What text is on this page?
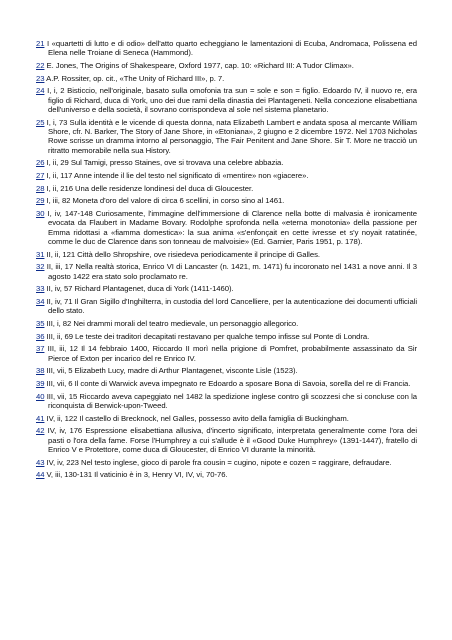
21 I «quartetti di lutto e di odio» dell'atto quarto echeggiano le lamentazioni di Ecuba, Andromaca, Polissena ed Elena nelle Troiane di Seneca (Hammond).
22 E. Jones, The Origins of Shakespeare, Oxford 1977, cap. 10: «Richard III: A Tudor Climax».
23 A.P. Rossiter, op. cit., «The Unity of Richard III», p. 7.
24 I, i, 2 Bisticcio, nell'originale, basato sulla omofonia tra sun = sole e son = figlio. Edoardo IV, il nuovo re, era figlio di Richard, duca di York, uno dei due rami della dinastia dei Plantageneti. Nella concezione elisabettiana dell'universo e della società, il sovrano corrispondeva al sole nel sistema planetario.
25 I, i, 73 Sulla identità e le vicende di questa donna, nata Elizabeth Lambert e andata sposa al mercante William Shore, cfr. N. Barker, The Story of Jane Shore, in «Etoniana», 2 giugno e 2 dicembre 1972. Nel 1703 Nicholas Rowe scrisse un dramma intorno al personaggio, The Fair Penitent and Jane Shore. Sir T. More ne tracciò un ritratto memorabile nella sua History.
26 I, ii, 29 Sul Tamigi, presso Staines, ove si trovava una celebre abbazia.
27 I, ii, 117 Anne intende il lie del testo nel significato di «mentire» non «giacere».
28 I, ii, 216 Una delle residenze londinesi del duca di Gloucester.
29 I, iii, 82 Moneta d'oro del valore di circa 6 scellini, in corso sino al 1461.
30 I, iv, 147-148 Curiosamente, l'immagine dell'immersione di Clarence nella botte di malvasia è ironicamente evocata da Flaubert in Madame Bovary. Rodolphe sprofonda nella «eterna monotonia» della passione per Emma ridottasi a «fiamma domestica»: la sua anima «s'enfonçait en cette ivresse et s'y noyait ratatinée, comme le duc de Clarence dans son tonneau de malvoisie» (Ed. Garnier, Paris 1951, p. 178).
31 II, ii, 121 Città dello Shropshire, ove risiedeva periodicamente il principe di Galles.
32 II, iii, 17 Nella realtà storica, Enrico VI di Lancaster (n. 1421, m. 1471) fu incoronato nel 1431 a nove anni. Il 3 agosto 1422 era stato solo proclamato re.
33 II, iv, 57 Richard Plantagenet, duca di York (1411-1460).
34 II, iv, 71 Il Gran Sigillo d'Inghilterra, in custodia del lord Cancelliere, per la autenticazione dei documenti ufficiali dello stato.
35 III, i, 82 Nei drammi morali del teatro medievale, un personaggio allegorico.
36 III, ii, 69 Le teste dei traditori decapitati restavano per qualche tempo infisse sul Ponte di Londra.
37 III, iii, 12 Il 14 febbraio 1400, Riccardo II morì nella prigione di Pomfret, probabilmente assassinato da Sir Pierce of Exton per incarico del re Enrico IV.
38 III, vii, 5 Elizabeth Lucy, madre di Arthur Plantagenet, visconte Lisle (1523).
39 III, vii, 6 Il conte di Warwick aveva impegnato re Edoardo a sposare Bona di Savoia, sorella del re di Francia.
40 III, vii, 15 Riccardo aveva capeggiato nel 1482 la spedizione inglese contro gli scozzesi che si concluse con la riconquista di Berwick-upon-Tweed.
41 IV, ii, 122 Il castello di Brecknock, nel Galles, possesso avito della famiglia di Buckingham.
42 IV, iv, 176 Espressione elisabettiana allusiva, d'incerto significato, interpretata generalmente come l'ora dei pasti o l'ora della fame. Forse l'Humphrey a cui s'allude è il «Good Duke Humphrey» (1391-1447), fratello di Enrico V e Protettore, come duca di Gloucester, di Enrico VI durante la minorità.
43 IV, iv, 223 Nel testo inglese, gioco di parole fra cousin = cugino, nipote e cozen = raggirare, defraudare.
44 V, iii, 130-131 Il vaticinio è in 3, Henry VI, IV, vi, 70-76.
